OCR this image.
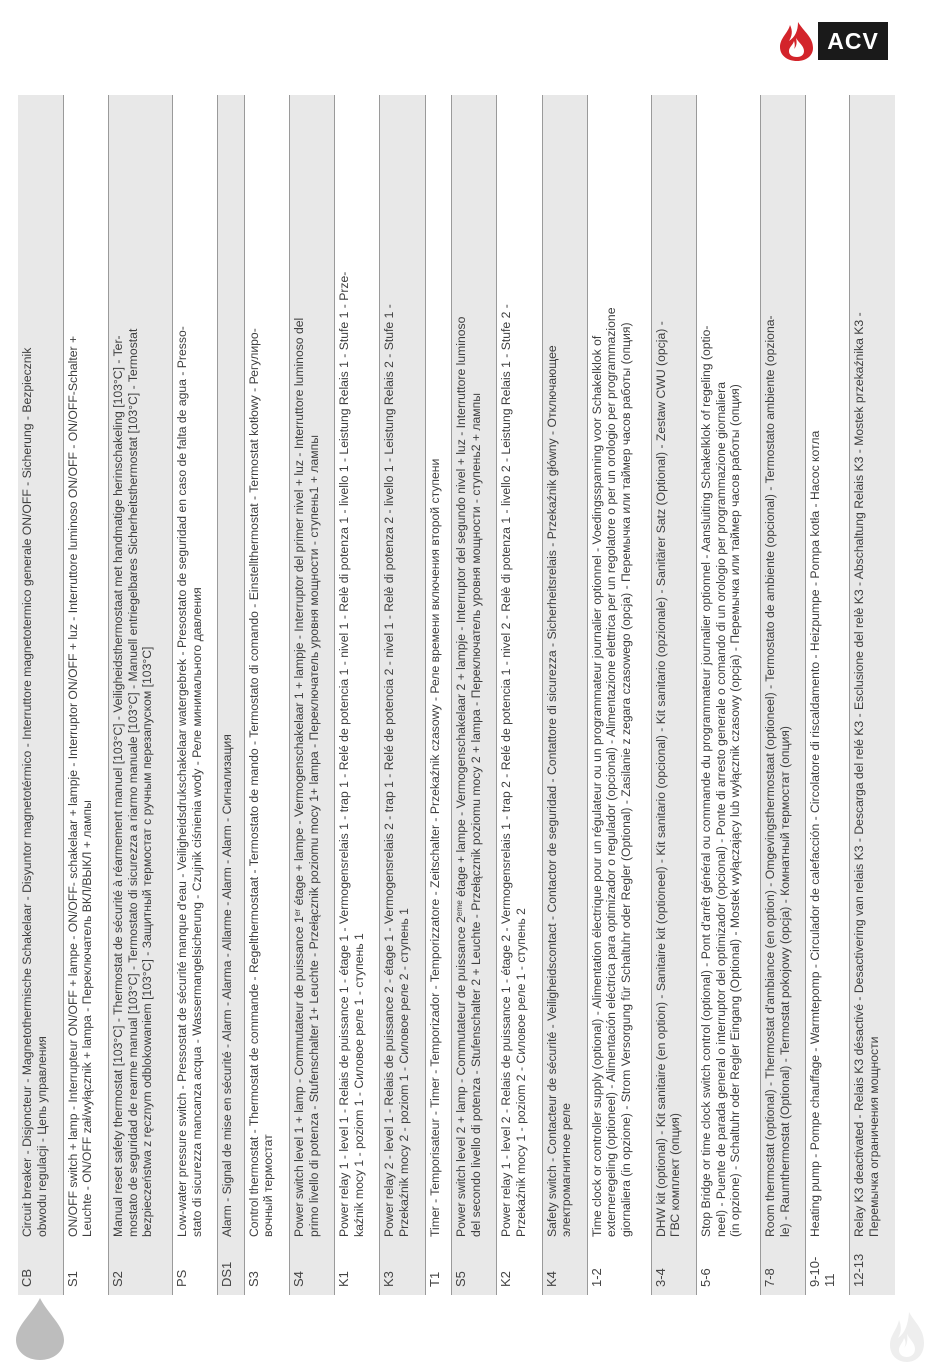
ACV
CB	Circuit breaker - Disjoncteur - Magnetothermische Schakelaar - Disyuntor magnetotérmico - Interruttore magnetotermico generale ON/OFF - Sicherung - Bezpiecznik obwodu regulacji - Цепь управления

S1	ON/OFF switch + lamp - Interrupteur ON/OFF + lampe - ON/OFF- schakelaar + lampje - Interruptor ON/OFF + luz - Interruttore luminoso ON/OFF - ON/OFF-Schalter + Leuchte - ON/OFF zał/wyłącznik + lampa - Переключатель ВКЛ/ВЫКЛ + лампы

S2	Manual reset safety thermostat [103°C] - Thermostat de sécurité à réarmement manuel [103°C] - Veiligheidsthermostaat met handmatige herinschakeling [103°C] - Ter- mostato de seguridad de rearme manual [103°C] - Termostato di sicurezza a riarmo manuale [103°C] - Manuell entriegelbares Sicherheitsthermostat [103°C] - Termostat bezpieczeństwa z ręcznym odblokowaniem [103°C] - Защитный термостат с ручным перезапуском [103°C]

PS	Low-water pressure switch - Pressostat de sécurité manque d'eau - Veiligheidsdrukschakelaar watergebrek - Presostato de seguridad en caso de falta de agua - Presso- stato di sicurezza mancanza acqua - Wassermangelsicherung - Czujnik ciśnienia wody - Реле минимального давления

DS1	Alarm - Signal de mise en sécurité - Alarm - Alarma - Allarme - Alarm - Alarm - Сигнализация

S3	Control thermostat - Thermostat de commande - Regelthermostaat - Termostato de mando - Termostato di comando - Einstellthermostat - Termostat kotłowy - Регулиро- вочный термостат

S4	Power switch level 1 + lamp - Commutateur de puissance 1ᵉʳ étage + lampe - Vermogenschakelaar 1 + lampje - Interruptor del primer nivel + luz - Interruttore luminoso del primo livello di potenza - Stufenschalter 1+ Leuchte - Przełącznik poziomu mocy 1+ lampa - Переключатель уровня мощности - ступень1 + лампы

K1	Power relay 1 - level 1 - Relais de puissance 1 - étage 1 - Vermogensrelais 1 - trap 1 - Relé de potencia 1 - nivel 1 - Relè di potenza 1 - livello 1 - Leistung Relais 1 - Stufe 1 - Prze- kaźnik mocy 1 - poziom 1 - Силовое реле 1 - ступень 1

K3	Power relay 2 - level 1 - Relais de puissance 2 - étage 1 - Vermogensrelais 2 - trap 1 - Relé de potencia 2 - nivel 1 - Relè di potenza 2 - livello 1 - Leistung Relais 2 - Stufe 1 - Przekaźnik mocy 2 - poziom 1 - Силовое реле 2 - ступень 1

T1	Timer - Temporisateur - Timer - Temporizador - Temporizzatore - Zeitschalter - Przekaźnik czasowy - Реле времени включения второй ступени

S5	Power switch level 2 + lamp - Commutateur de puissance 2ᵉᵐᵉ étage + lampe - Vermogenschakelaar 2 + lampje - Interruptor del segundo nivel + luz - Interruttore luminoso del secondo livello di potenza - Stufenschalter 2 + Leuchte - Przełącznik poziomu mocy 2 + lampa - Переключатель уровня мощности - ступень2 + лампы

K2	Power relay 1 - level 2 - Relais de puissance 1 - étage 2 - Vermogensrelais 1 - trap 2 - Relé de potencia 1 - nivel 2 - Relè di potenza 1 - livello 2 - Leistung Relais 1 - Stufe 2 - Przekaźnik mocy 1 - poziom 2 - Силовое реле 1 - ступень 2

K4	Safety switch - Contacteur de sécurité - Veiligheidscontact - Contactor de seguridad - Contattore di sicurezza - Sicherheitsrelais - Przekaźnik główny - Отключающее электромагнитное реле

1-2	Time clock or controller supply (optional) - Alimentation électrique pour un régulateur ou un programmateur journalier optionnel - Voedingsspanning voor Schakelklok of externeregeling (optioneel) - Alimentación eléctrica para optimizador o regulador (opcional) - Alimentazione elettrica per un regolatore o per un orologio per programmazione giornaliera (in opzione) - Strom Versorgung für Schaltuhr oder Regler (Optional) - Zasilanie z zegara czasowego (opcja) - Перемычка или таймер часов работы (опция)

3-4	DHW kit (optional) - Kit sanitaire (en option) - Sanitaire kit (optioneel) - Kit sanitario (opcional) - Kit sanitario (opzionale) - Sanitärer Satz (Optional) - Zestaw CWU (opcja) - ГВС комплект (опция)

5-6	Stop Bridge or time clock switch control (optional) - Pont d'arrêt général ou commande du programmateur journalier optionnel - Aansluiting Schakelklok of regeling (optio- neel) - Puente de parada general o interruptor del optimizador (opcional) - Ponte di arresto generale o comando di un orologio per programmazione giornaliera (in opzione) - Schaltuhr oder Regler Eingang (Optional) - Mostek wyłączający lub wyłącznik czasowy (opcja) - Перемычка или таймер часов работы (опция)

7-8	Room thermostat (optional) - Thermostat d'ambiance (en option) - Omgevingsthermostaat (optioneel) - Termostato de ambiente (opcional) - Termostato ambiente (opziona- le) - Raumthermostat (Optional) - Termostat pokojowy (opcja) - Комнатный термостат (опция)

9-10-11	Heating pump - Pompe chauffage - Warmtepomp - Circulador de calefacción - Circolatore di riscaldamento - Heizpumpe - Pompa kotła - Насос котла

12-13	Relay K3 deactivated - Relais K3 désactivé - Desactivering van relais K3 - Descarga del relé K3 - Esclusione del relè K3 - Abschaltung Relais K3 - Mostek przekaźnika K3 - Перемычка ограничения мощности
